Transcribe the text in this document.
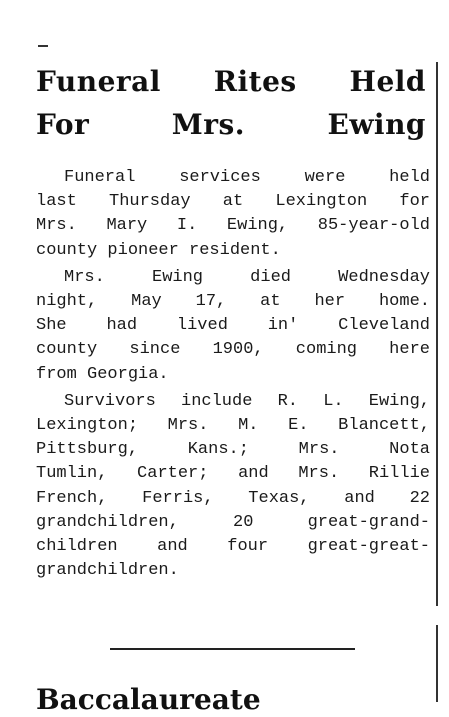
Funeral Rites Held
For Mrs. Ewing

Funeral services were held
last Thursday at Lexington for
Mrs. Mary I. Ewing, 85-year-old
county pioneer resident.

Mrs. Ewing died Wednesday
night, May 17, at her home.
She had lived in' Cleveland
county since 1900, coming here
from Georgia.

Survivors include R. L. Ewing,
Lexington; Mrs. M. E. Blancett,
Pittsburg, Kans.; Mrs. Nota
Tumlin, Carter; and Mrs. Rillie
French, Ferris, Texas, and 22
grandchildren, 20 great-grand-
children and four great-great-
grandchildren.

Baccalaureate
